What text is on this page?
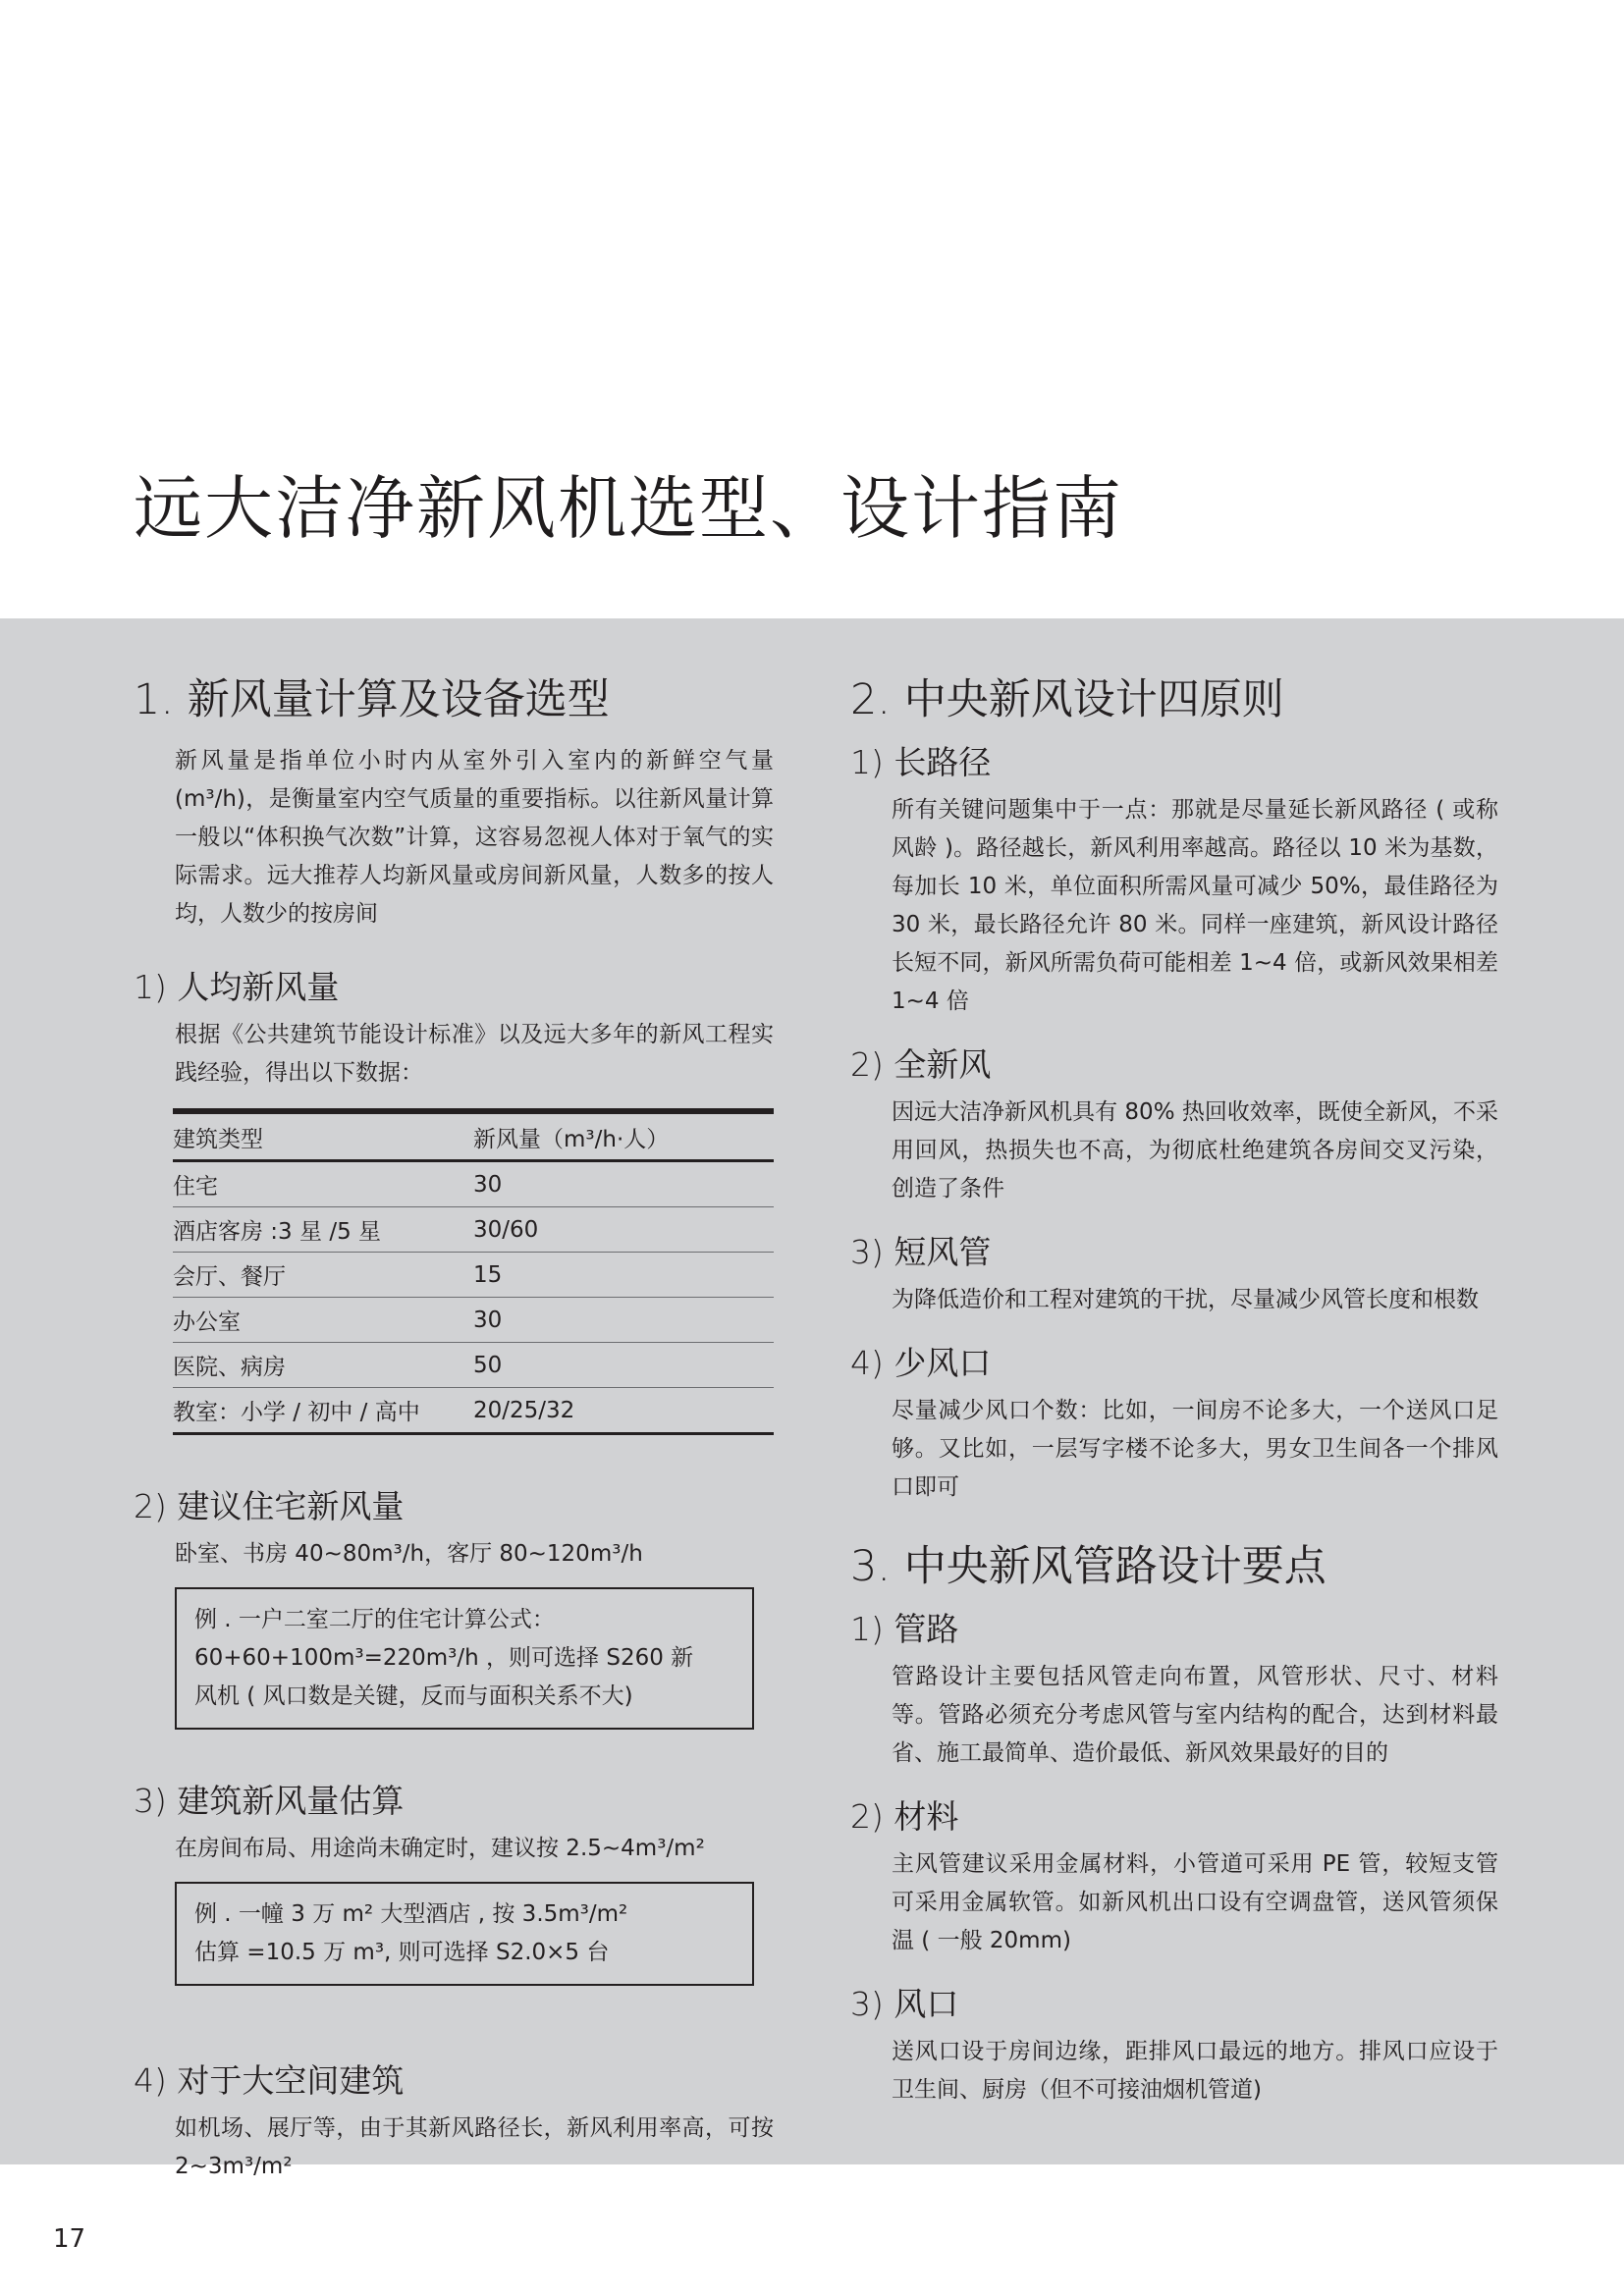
远大洁净新风机选型、设计指南
1. 新风量计算及设备选型

新风量是指单位小时内从室外引入室内的新鲜空气量(m³/h)，是衡量室内空气质量的重要指标。以往新风量计算一般以“体积换气次数”计算，这容易忽视人体对于氧气的实际需求。远大推荐人均新风量或房间新风量，人数多的按人均，人数少的按房间

1) 人均新风量

根据《公共建筑节能设计标准》以及远大多年的新风工程实践经验，得出以下数据：

建筑类型	新风量（m³/h·人）
住宅	30
酒店客房 :3 星 /5 星	30/60
会厅、餐厅	15
办公室	30
医院、病房	50
教室：小学 / 初中 / 高中	20/25/32
2) 建议住宅新风量

卧室、书房 40~80m³/h，客厅 80~120m³/h

例 . 一户二室二厅的住宅计算公式：
60+60+100m³=220m³/h ，则可选择 S260 新
风机 ( 风口数是关键，反而与面积关系不大)
3) 建筑新风量估算

在房间布局、用途尚未确定时，建议按 2.5~4m³/m²

例 . 一幢 3 万 m² 大型酒店 , 按 3.5m³/m²
估算 =10.5 万 m³, 则可选择 S2.0×5 台
4) 对于大空间建筑

如机场、展厅等，由于其新风路径长，新风利用率高，可按 2~3m³/m²

2. 中央新风设计四原则
1) 长路径

所有关键问题集中于一点：那就是尽量延长新风路径 ( 或称风龄 )。路径越长，新风利用率越高。路径以 10 米为基数，每加长 10 米，单位面积所需风量可减少 50%，最佳路径为 30 米，最长路径允许 80 米。同样一座建筑，新风设计路径长短不同，新风所需负荷可能相差 1~4 倍，或新风效果相差 1~4 倍

2) 全新风

因远大洁净新风机具有 80% 热回收效率，既使全新风，不采用回风，热损失也不高，为彻底杜绝建筑各房间交叉污染，创造了条件

3) 短风管

为降低造价和工程对建筑的干扰，尽量减少风管长度和根数

4) 少风口

尽量减少风口个数：比如，一间房不论多大，一个送风口足够。又比如，一层写字楼不论多大，男女卫生间各一个排风口即可

3. 中央新风管路设计要点
1) 管路

管路设计主要包括风管走向布置，风管形状、尺寸、材料等。管路必须充分考虑风管与室内结构的配合，达到材料最省、施工最简单、造价最低、新风效果最好的目的

2) 材料

主风管建议采用金属材料，小管道可采用 PE 管，较短支管可采用金属软管。如新风机出口设有空调盘管，送风管须保温 ( 一般 20mm)

3) 风口

送风口设于房间边缘，距排风口最远的地方。排风口应设于卫生间、厨房（但不可接油烟机管道)

17
